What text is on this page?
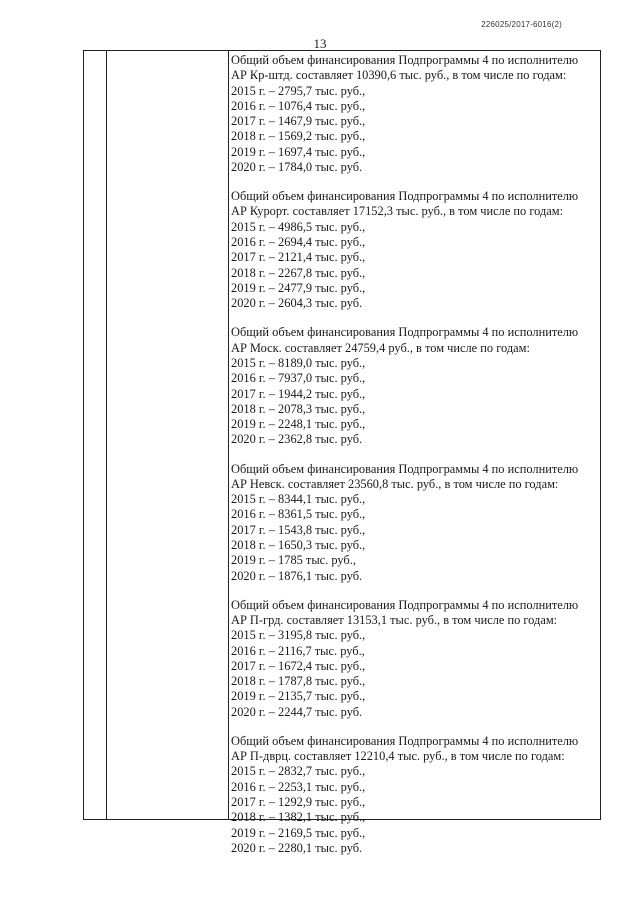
226025/2017-6016(2)
13

Общий объем финансирования Подпрограммы 4 по исполнителю

АР Кр-штд. составляет 10390,6 тыс. руб., в том числе по годам:

2015 г. – 2795,7 тыс. руб.,

2016 г. – 1076,4 тыс. руб.,

2017 г. – 1467,9 тыс. руб.,

2018 г. – 1569,2 тыс. руб.,

2019 г. – 1697,4 тыс. руб.,

2020 г. – 1784,0 тыс. руб.

Общий объем финансирования Подпрограммы 4 по исполнителю

АР Курорт. составляет 17152,3 тыс. руб., в том числе по годам:

2015 г. – 4986,5 тыс. руб.,

2016 г. – 2694,4 тыс. руб.,

2017 г. – 2121,4 тыс. руб.,

2018 г. – 2267,8 тыс. руб.,

2019 г. – 2477,9 тыс. руб.,

2020 г. – 2604,3 тыс. руб.

Общий объем финансирования Подпрограммы 4 по исполнителю

АР Моск. составляет 24759,4 руб., в том числе по годам:

2015 г. – 8189,0 тыс. руб.,

2016 г. – 7937,0 тыс. руб.,

2017 г. – 1944,2 тыс. руб.,

2018 г. – 2078,3 тыс. руб.,

2019 г. – 2248,1 тыс. руб.,

2020 г. – 2362,8 тыс. руб.

Общий объем финансирования Подпрограммы 4 по исполнителю

АР Невск. составляет 23560,8 тыс. руб., в том числе по годам:

2015 г. – 8344,1 тыс. руб.,

2016 г. – 8361,5 тыс. руб.,

2017 г. – 1543,8 тыс. руб.,

2018 г. – 1650,3 тыс. руб.,

2019 г. – 1785 тыс. руб.,

2020 г. – 1876,1 тыс. руб.

Общий объем финансирования Подпрограммы 4 по исполнителю

АР П-грд. составляет 13153,1 тыс. руб., в том числе по годам:

2015 г. – 3195,8 тыс. руб.,

2016 г. – 2116,7 тыс. руб.,

2017 г. – 1672,4 тыс. руб.,

2018 г. – 1787,8 тыс. руб.,

2019 г. – 2135,7 тыс. руб.,

2020 г. – 2244,7 тыс. руб.

Общий объем финансирования Подпрограммы 4 по исполнителю

АР П-дврц. составляет 12210,4 тыс. руб., в том числе по годам:

2015 г. – 2832,7 тыс. руб.,

2016 г. – 2253,1 тыс. руб.,

2017 г. – 1292,9 тыс. руб.,

2018 г. – 1382,1 тыс. руб.,

2019 г. – 2169,5 тыс. руб.,

2020 г. – 2280,1 тыс. руб.
